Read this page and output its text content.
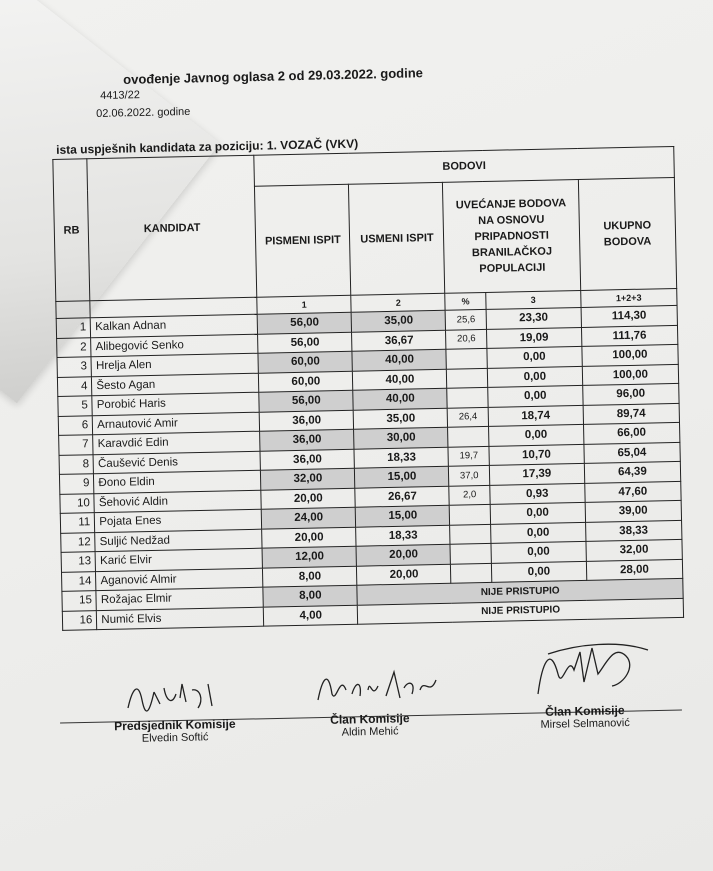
ovođenje Javnog oglasa 2 od 29.03.2022. godine
4413/22
02.06.2022. godine
ista uspješnih kandidata za poziciju: 1. VOZAČ (VKV)
RB	KANDIDAT	BODOVI				
		PISMENI ISPIT	USMENI ISPIT	UVEĆANJE BODOVA NA OSNOVU PRIPADNOSTI BRANILAČKOJ POPULACIJI		UKUPNO BODOVA
		1	2	%	3	1+2+3
1	Kalkan Adnan	56,00	35,00	25,6	23,30	114,30
2	Alibegović Senko	56,00	36,67	20,6	19,09	111,76
3	Hrelja Alen	60,00	40,00		0,00	100,00
4	Šesto Agan	60,00	40,00		0,00	100,00
5	Porobić Haris	56,00	40,00		0,00	96,00
6	Arnautović Amir	36,00	35,00	26,4	18,74	89,74
7	Karavdić Edin	36,00	30,00		0,00	66,00
8	Čaušević Denis	36,00	18,33	19,7	10,70	65,04
9	Đono Eldin	32,00	15,00	37,0	17,39	64,39
10	Šehović Aldin	20,00	26,67	2,0	0,93	47,60
11	Pojata Enes	24,00	15,00		0,00	39,00
12	Suljić Nedžad	20,00	18,33		0,00	38,33
13	Karić Elvir	12,00	20,00		0,00	32,00
14	Aganović Almir	8,00	20,00		0,00	28,00
15	Rožajac Elmir	8,00	NIJE PRISTUPIO			
16	Numić Elvis	4,00	NIJE PRISTUPIO			
Predsjednik Komisije
Elvedin Softić
Član Komisije
Aldin Mehić
Član Komisije
Mirsel Selmanović
